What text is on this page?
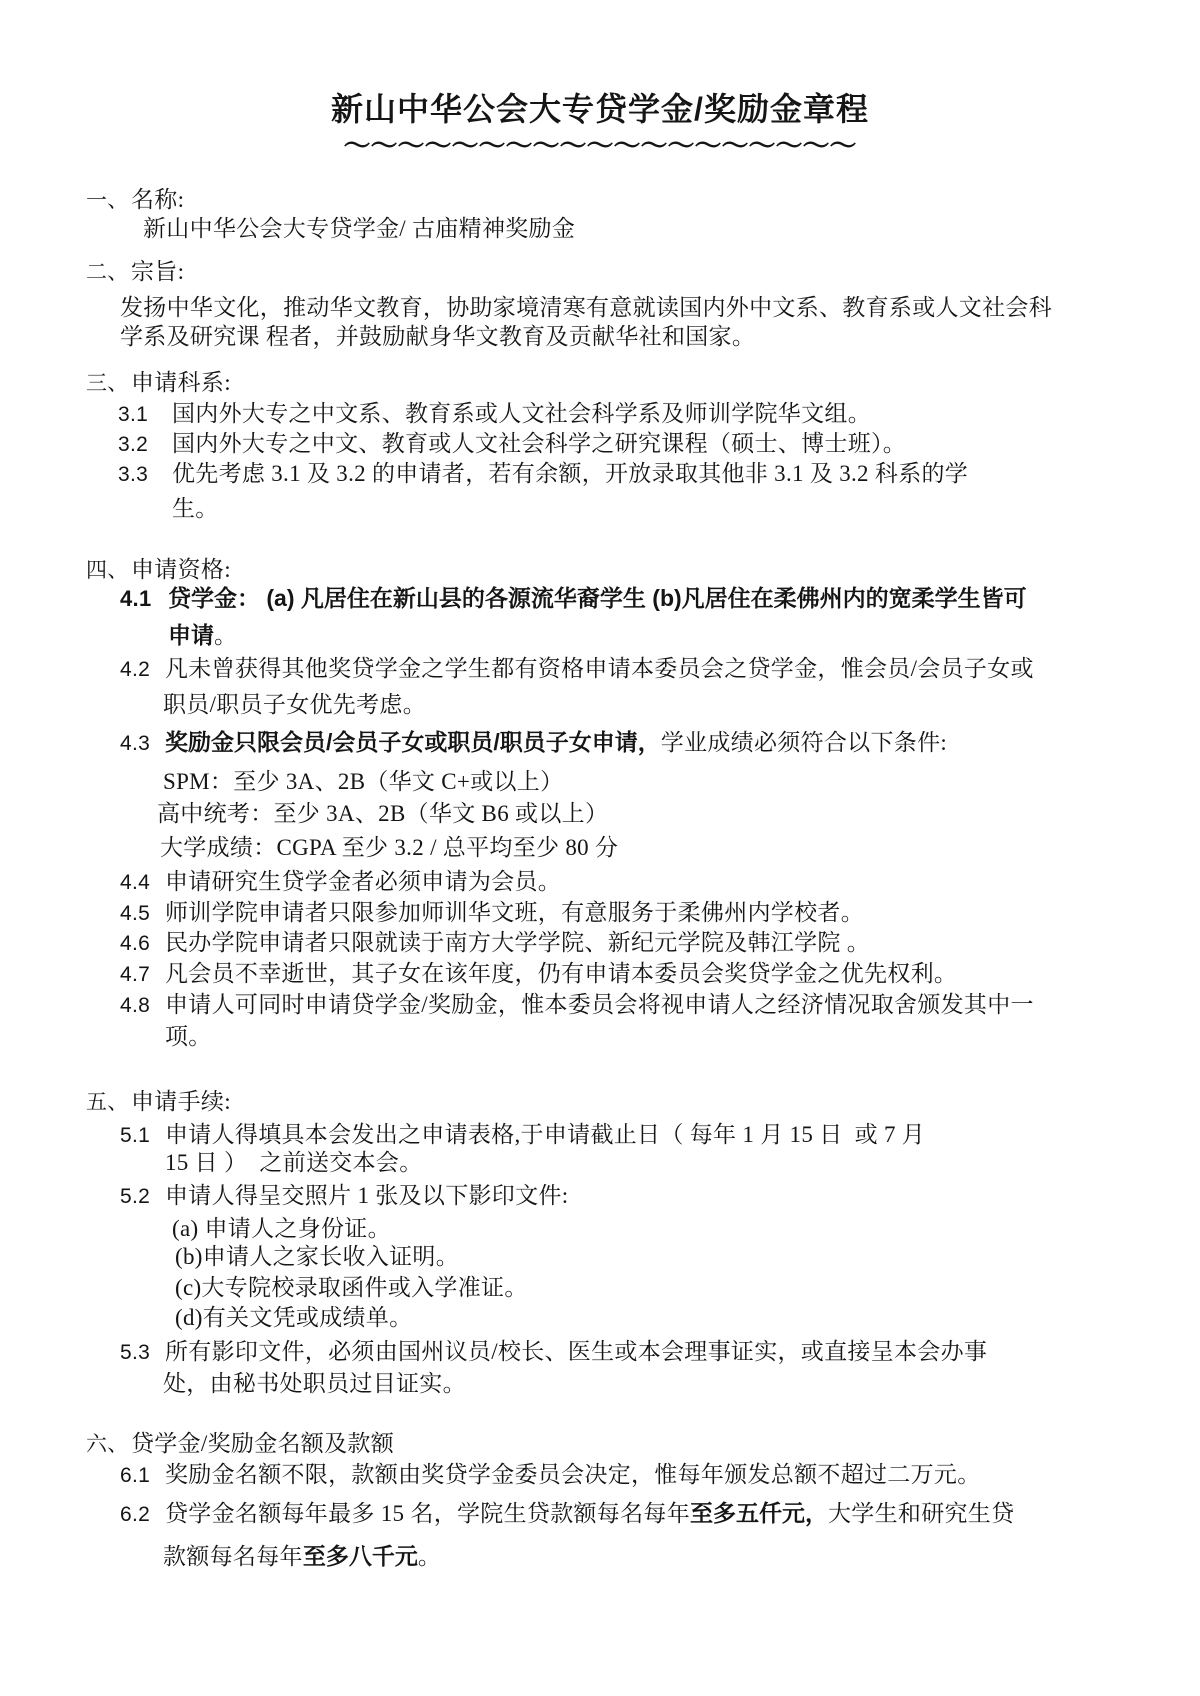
新山中华公会大专贷学金/奖励金章程
～～～～～～～～～～～～～～～～～～～
一、 名称:
新山中华公会大专贷学金/ 古庙精神奖励金
二、 宗旨:
发扬中华文化，推动华文教育，协助家境清寒有意就读国内外中文系、教育系或人文社会科
学系及研究课 程者，并鼓励献身华文教育及贡献华社和国家。
三、 申请科系:
3.1 国内外大专之中文系、教育系或人文社会科学系及师训学院华文组。
3.2 国内外大专之中文、教育或人文社会科学之研究课程（硕士、博士班）。
3.3 优先考虑 3.1 及 3.2 的申请者，若有余额，开放录取其他非 3.1 及 3.2 科系的学
生。
四、 申请资格:
4.1 贷学金： (a) 凡居住在新山县的各源流华裔学生 (b)凡居住在柔佛州内的宽柔学生皆可
申请。
4.2 凡未曾获得其他奖贷学金之学生都有资格申请本委员会之贷学金，惟会员/会员子女或
职员/职员子女优先考虑。
4.3 奖励金只限会员/会员子女或职员/职员子女申请，学业成绩必须符合以下条件:
SPM：至少 3A、2B（华文 C+或以上）
高中统考：至少 3A、2B（华文 B6 或以上）
大学成绩：CGPA 至少 3.2 / 总平均至少 80 分
4.4 申请研究生贷学金者必须申请为会员。
4.5 师训学院申请者只限参加师训华文班，有意服务于柔佛州内学校者。
4.6 民办学院申请者只限就读于南方大学学院、新纪元学院及韩江学院 。
4.7 凡会员不幸逝世，其子女在该年度，仍有申请本委员会奖贷学金之优先权利。
4.8 申请人可同时申请贷学金/奖励金，惟本委员会将视申请人之经济情况取舍颁发其中一
项。
五、 申请手续:
5.1 申请人得填具本会发出之申请表格,于申请截止日（ 每年 1 月 15 日  或 7 月
15 日 ）  之前送交本会。
5.2 申请人得呈交照片 1 张及以下影印文件:
(a) 申请人之身份证。
(b)申请人之家长收入证明。
(c)大专院校录取函件或入学准证。
(d)有关文凭或成绩单。
5.3 所有影印文件，必须由国州议员/校长、医生或本会理事证实，或直接呈本会办事
处，由秘书处职员过目证实。
六、 贷学金/奖励金名额及款额
6.1 奖励金名额不限，款额由奖贷学金委员会决定，惟每年颁发总额不超过二万元。
6.2 贷学金名额每年最多 15 名，学院生贷款额每名每年至多五仟元，大学生和研究生贷
款额每名每年至多八千元。
